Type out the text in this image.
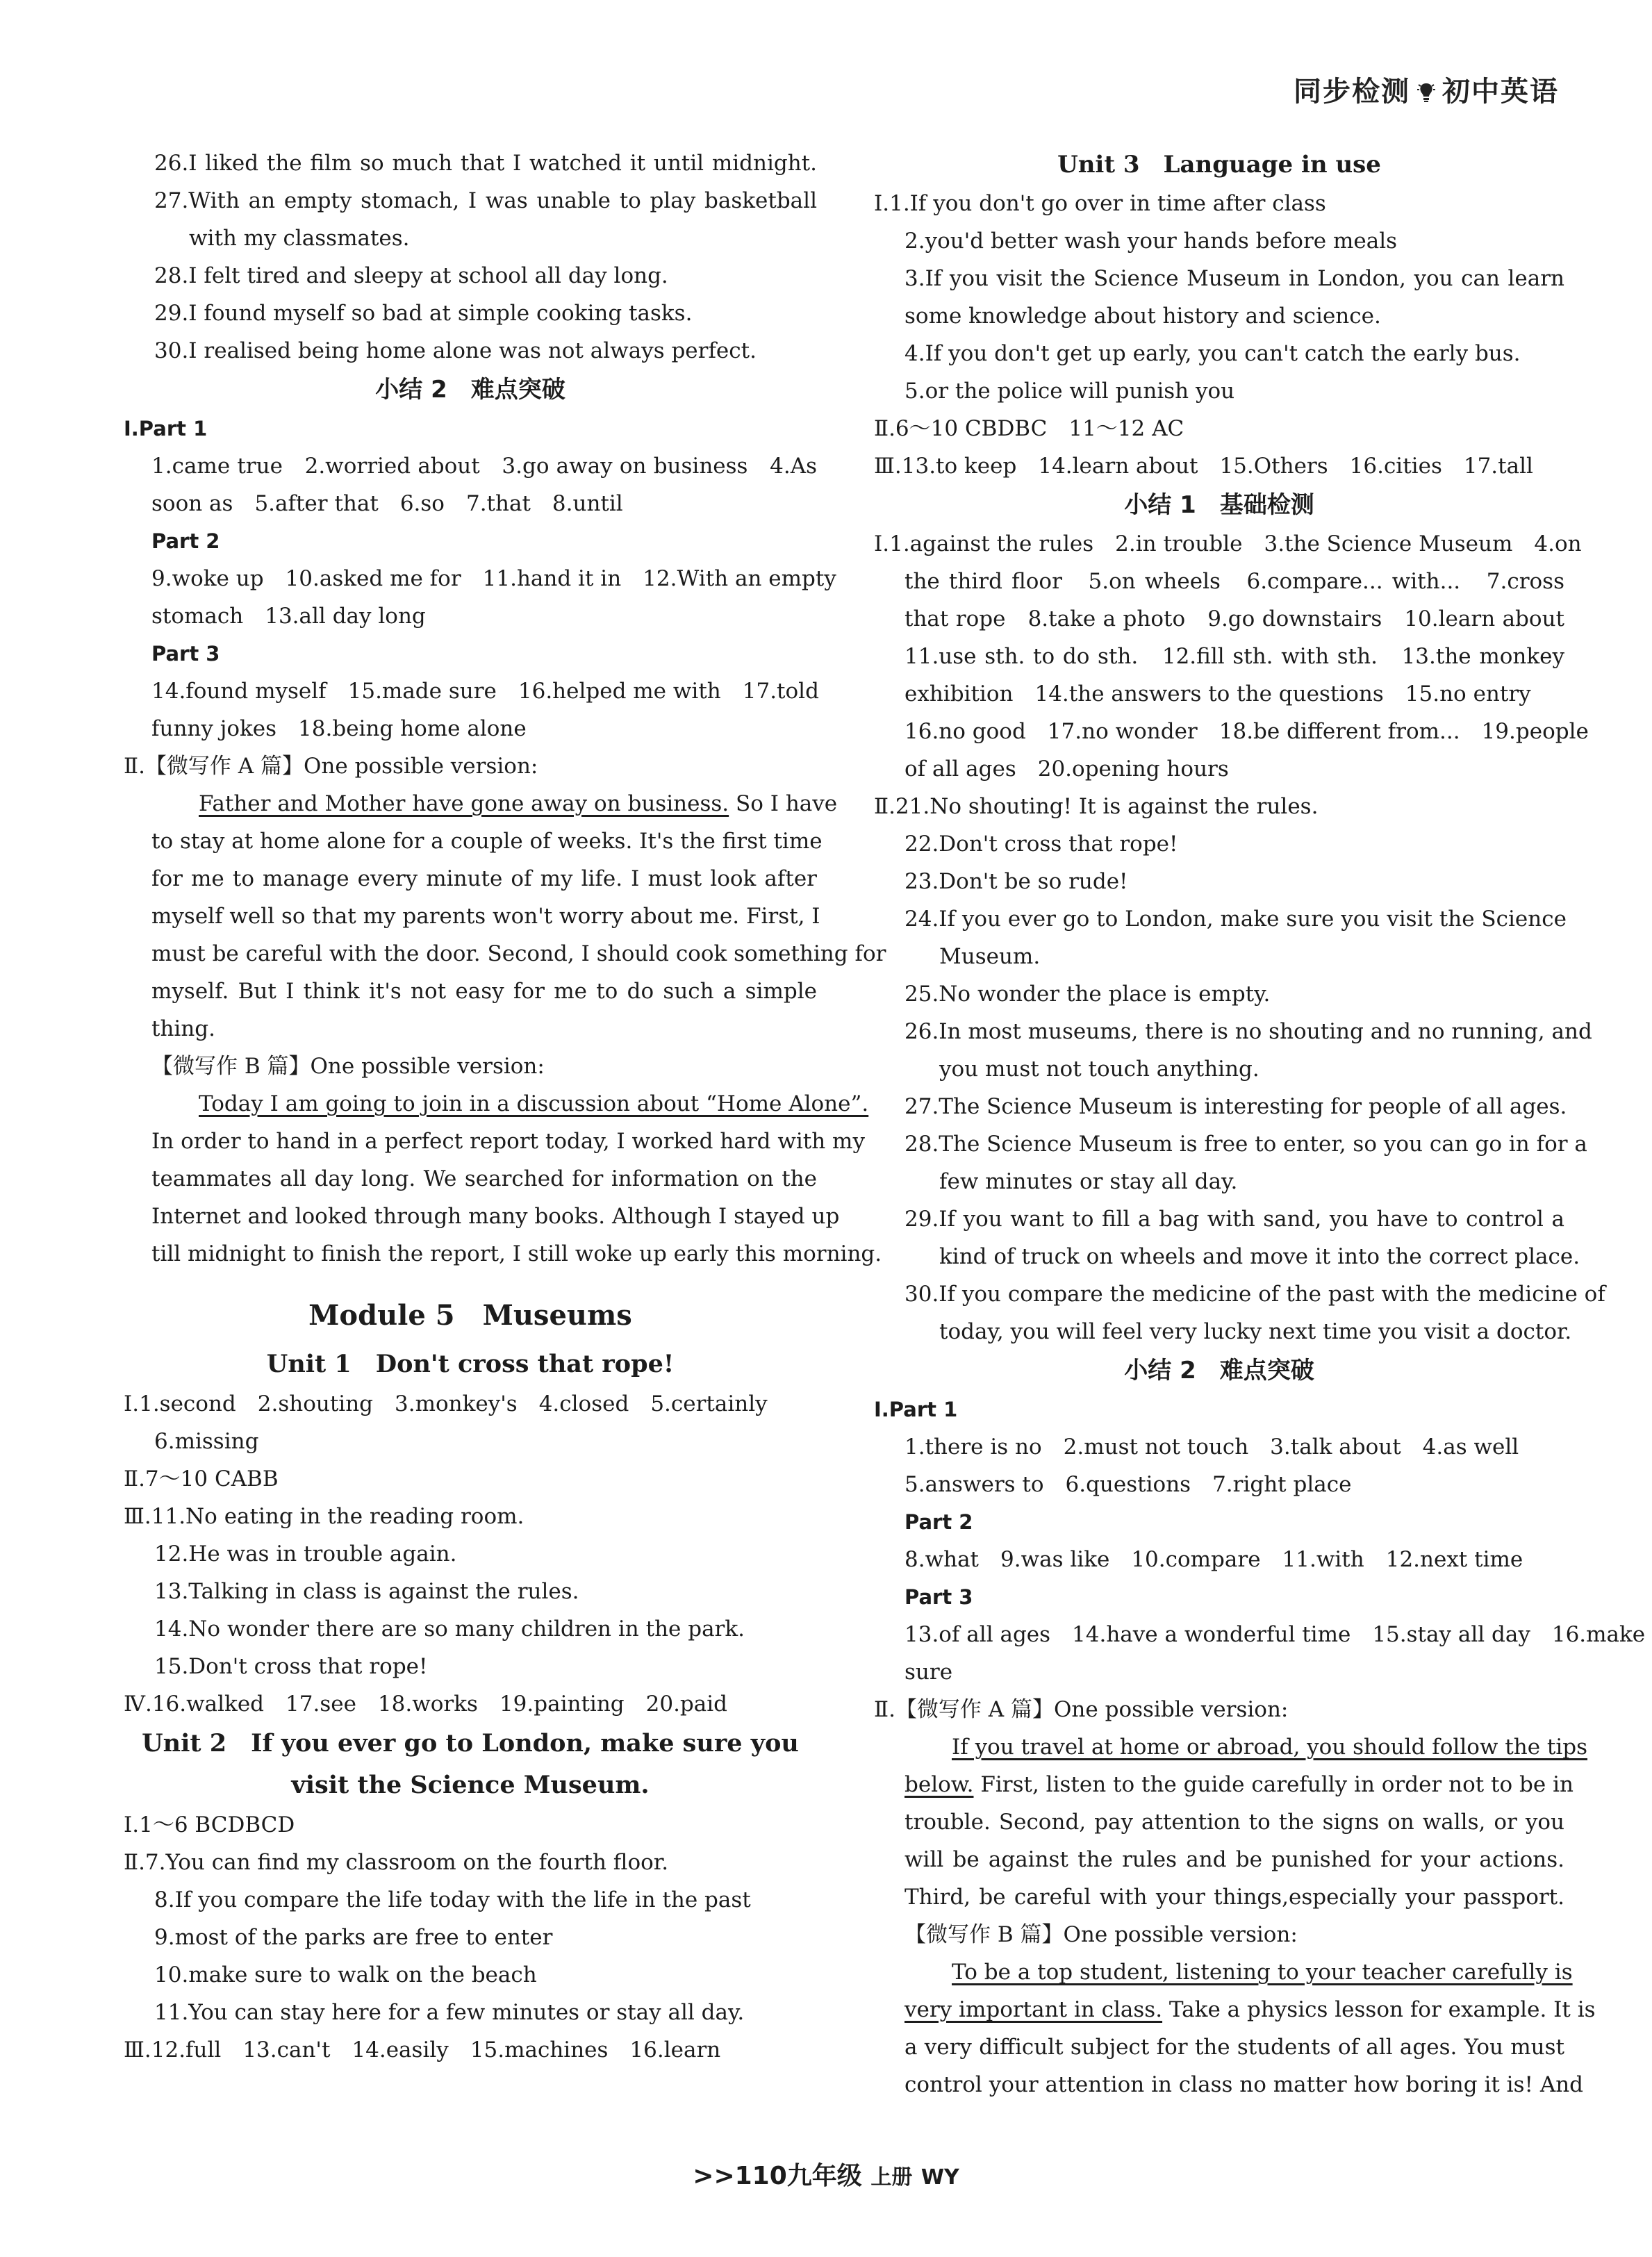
同步检测 初中英语
26.I liked the film so much that I watched it until midnight.
27.With an empty stomach, I was unable to play basketball
with my classmates.
28.I felt tired and sleepy at school all day long.
29.I found myself so bad at simple cooking tasks.
30.I realised being home alone was not always perfect.
小结 2　难点突破
Ⅰ.Part 1
1.came true　2.worried about　3.go away on business　4.As
soon as　5.after that　6.so　7.that　8.until
Part 2
9.woke up　10.asked me for　11.hand it in　12.With an empty
stomach　13.all day long
Part 3
14.found myself　15.made sure　16.helped me with　17.told
funny jokes　18.being home alone
Ⅱ.【微写作 A 篇】One possible version:
Father and Mother have gone away on business. So I have
to stay at home alone for a couple of weeks. It's the first time
for me to manage every minute of my life. I must look after
myself well so that my parents won't worry about me. First, I
must be careful with the door. Second, I should cook something for
myself. But I think it's not easy for me to do such a simple
thing.
【微写作 B 篇】One possible version:
Today I am going to join in a discussion about “Home Alone”.
In order to hand in a perfect report today, I worked hard with my
teammates all day long. We searched for information on the
Internet and looked through many books. Although I stayed up
till midnight to finish the report, I still woke up early this morning.
Module 5　Museums
Unit 1　Don't cross that rope!
Ⅰ.1.second　2.shouting　3.monkey's　4.closed　5.certainly
6.missing
Ⅱ.7～10 CABB
Ⅲ.11.No eating in the reading room.
12.He was in trouble again.
13.Talking in class is against the rules.
14.No wonder there are so many children in the park.
15.Don't cross that rope!
Ⅳ.16.walked　17.see　18.works　19.painting　20.paid
Unit 2　If you ever go to London, make sure you
visit the Science Museum.
Ⅰ.1～6 BCDBCD
Ⅱ.7.You can find my classroom on the fourth floor.
8.If you compare the life today with the life in the past
9.most of the parks are free to enter
10.make sure to walk on the beach
11.You can stay here for a few minutes or stay all day.
Ⅲ.12.full　13.can't　14.easily　15.machines　16.learn
Unit 3　Language in use
Ⅰ.1.If you don't go over in time after class
2.you'd better wash your hands before meals
3.If you visit the Science Museum in London, you can learn
some knowledge about history and science.
4.If you don't get up early, you can't catch the early bus.
5.or the police will punish you
Ⅱ.6～10 CBDBC　11～12 AC
Ⅲ.13.to keep　14.learn about　15.Others　16.cities　17.tall
小结 1　基础检测
Ⅰ.1.against the rules　2.in trouble　3.the Science Museum　4.on
the third floor　5.on wheels　6.compare... with...　7.cross
that rope　8.take a photo　9.go downstairs　10.learn about
11.use sth. to do sth.　12.fill sth. with sth.　13.the monkey
exhibition　14.the answers to the questions　15.no entry
16.no good　17.no wonder　18.be different from...　19.people
of all ages　20.opening hours
Ⅱ.21.No shouting! It is against the rules.
22.Don't cross that rope!
23.Don't be so rude!
24.If you ever go to London, make sure you visit the Science
Museum.
25.No wonder the place is empty.
26.In most museums, there is no shouting and no running, and
you must not touch anything.
27.The Science Museum is interesting for people of all ages.
28.The Science Museum is free to enter, so you can go in for a
few minutes or stay all day.
29.If you want to fill a bag with sand, you have to control a
kind of truck on wheels and move it into the correct place.
30.If you compare the medicine of the past with the medicine of
today, you will feel very lucky next time you visit a doctor.
小结 2　难点突破
Ⅰ.Part 1
1.there is no　2.must not touch　3.talk about　4.as well
5.answers to　6.questions　7.right place
Part 2
8.what　9.was like　10.compare　11.with　12.next time
Part 3
13.of all ages　14.have a wonderful time　15.stay all day　16.make
sure
Ⅱ.【微写作 A 篇】One possible version:
If you travel at home or abroad, you should follow the tips
below. First, listen to the guide carefully in order not to be in
trouble. Second, pay attention to the signs on walls, or you
will be against the rules and be punished for your actions.
Third, be careful with your things,especially your passport.
【微写作 B 篇】One possible version:
To be a top student, listening to your teacher carefully is
very important in class. Take a physics lesson for example. It is
a very difficult subject for the students of all ages. You must
control your attention in class no matter how boring it is! And
>>110九年级 上册 WY
